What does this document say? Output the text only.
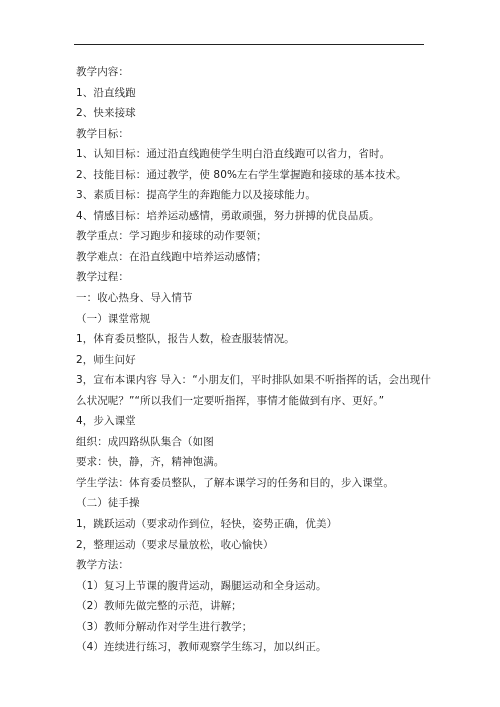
教学内容：
1、沿直线跑
2、快来接球
教学目标：
1、认知目标：通过沿直线跑使学生明白沿直线跑可以省力，省时。
2、技能目标：通过教学，使 80%左右学生掌握跑和接球的基本技术。
3、素质目标：提高学生的奔跑能力以及接球能力。
4、情感目标：培养运动感情，勇敢顽强，努力拼搏的优良品质。
教学重点：学习跑步和接球的动作要领；
教学难点：在沿直线跑中培养运动感情；
教学过程：
一：收心热身、导入情节
（一）课堂常规
1，体育委员整队，报告人数，检查服装情况。
2，师生问好
3，宣布本课内容 导入：“小朋友们，平时排队如果不听指挥的话，会出现什
么状况呢？”“所以我们一定要听指挥，事情才能做到有序、更好。”
4，步入课堂
组织：成四路纵队集合（如图
要求：快，静，齐，精神饱满。
学生学法：体育委员整队，了解本课学习的任务和目的，步入课堂。
（二）徒手操
1，跳跃运动（要求动作到位，轻快，姿势正确，优美）
2，整理运动（要求尽量放松，收心愉快）
教学方法：
（1）复习上节课的腹背运动，踢腿运动和全身运动。
（2）教师先做完整的示范，讲解；
（3）教师分解动作对学生进行教学；
（4）连续进行练习，教师观察学生练习，加以纠正。
